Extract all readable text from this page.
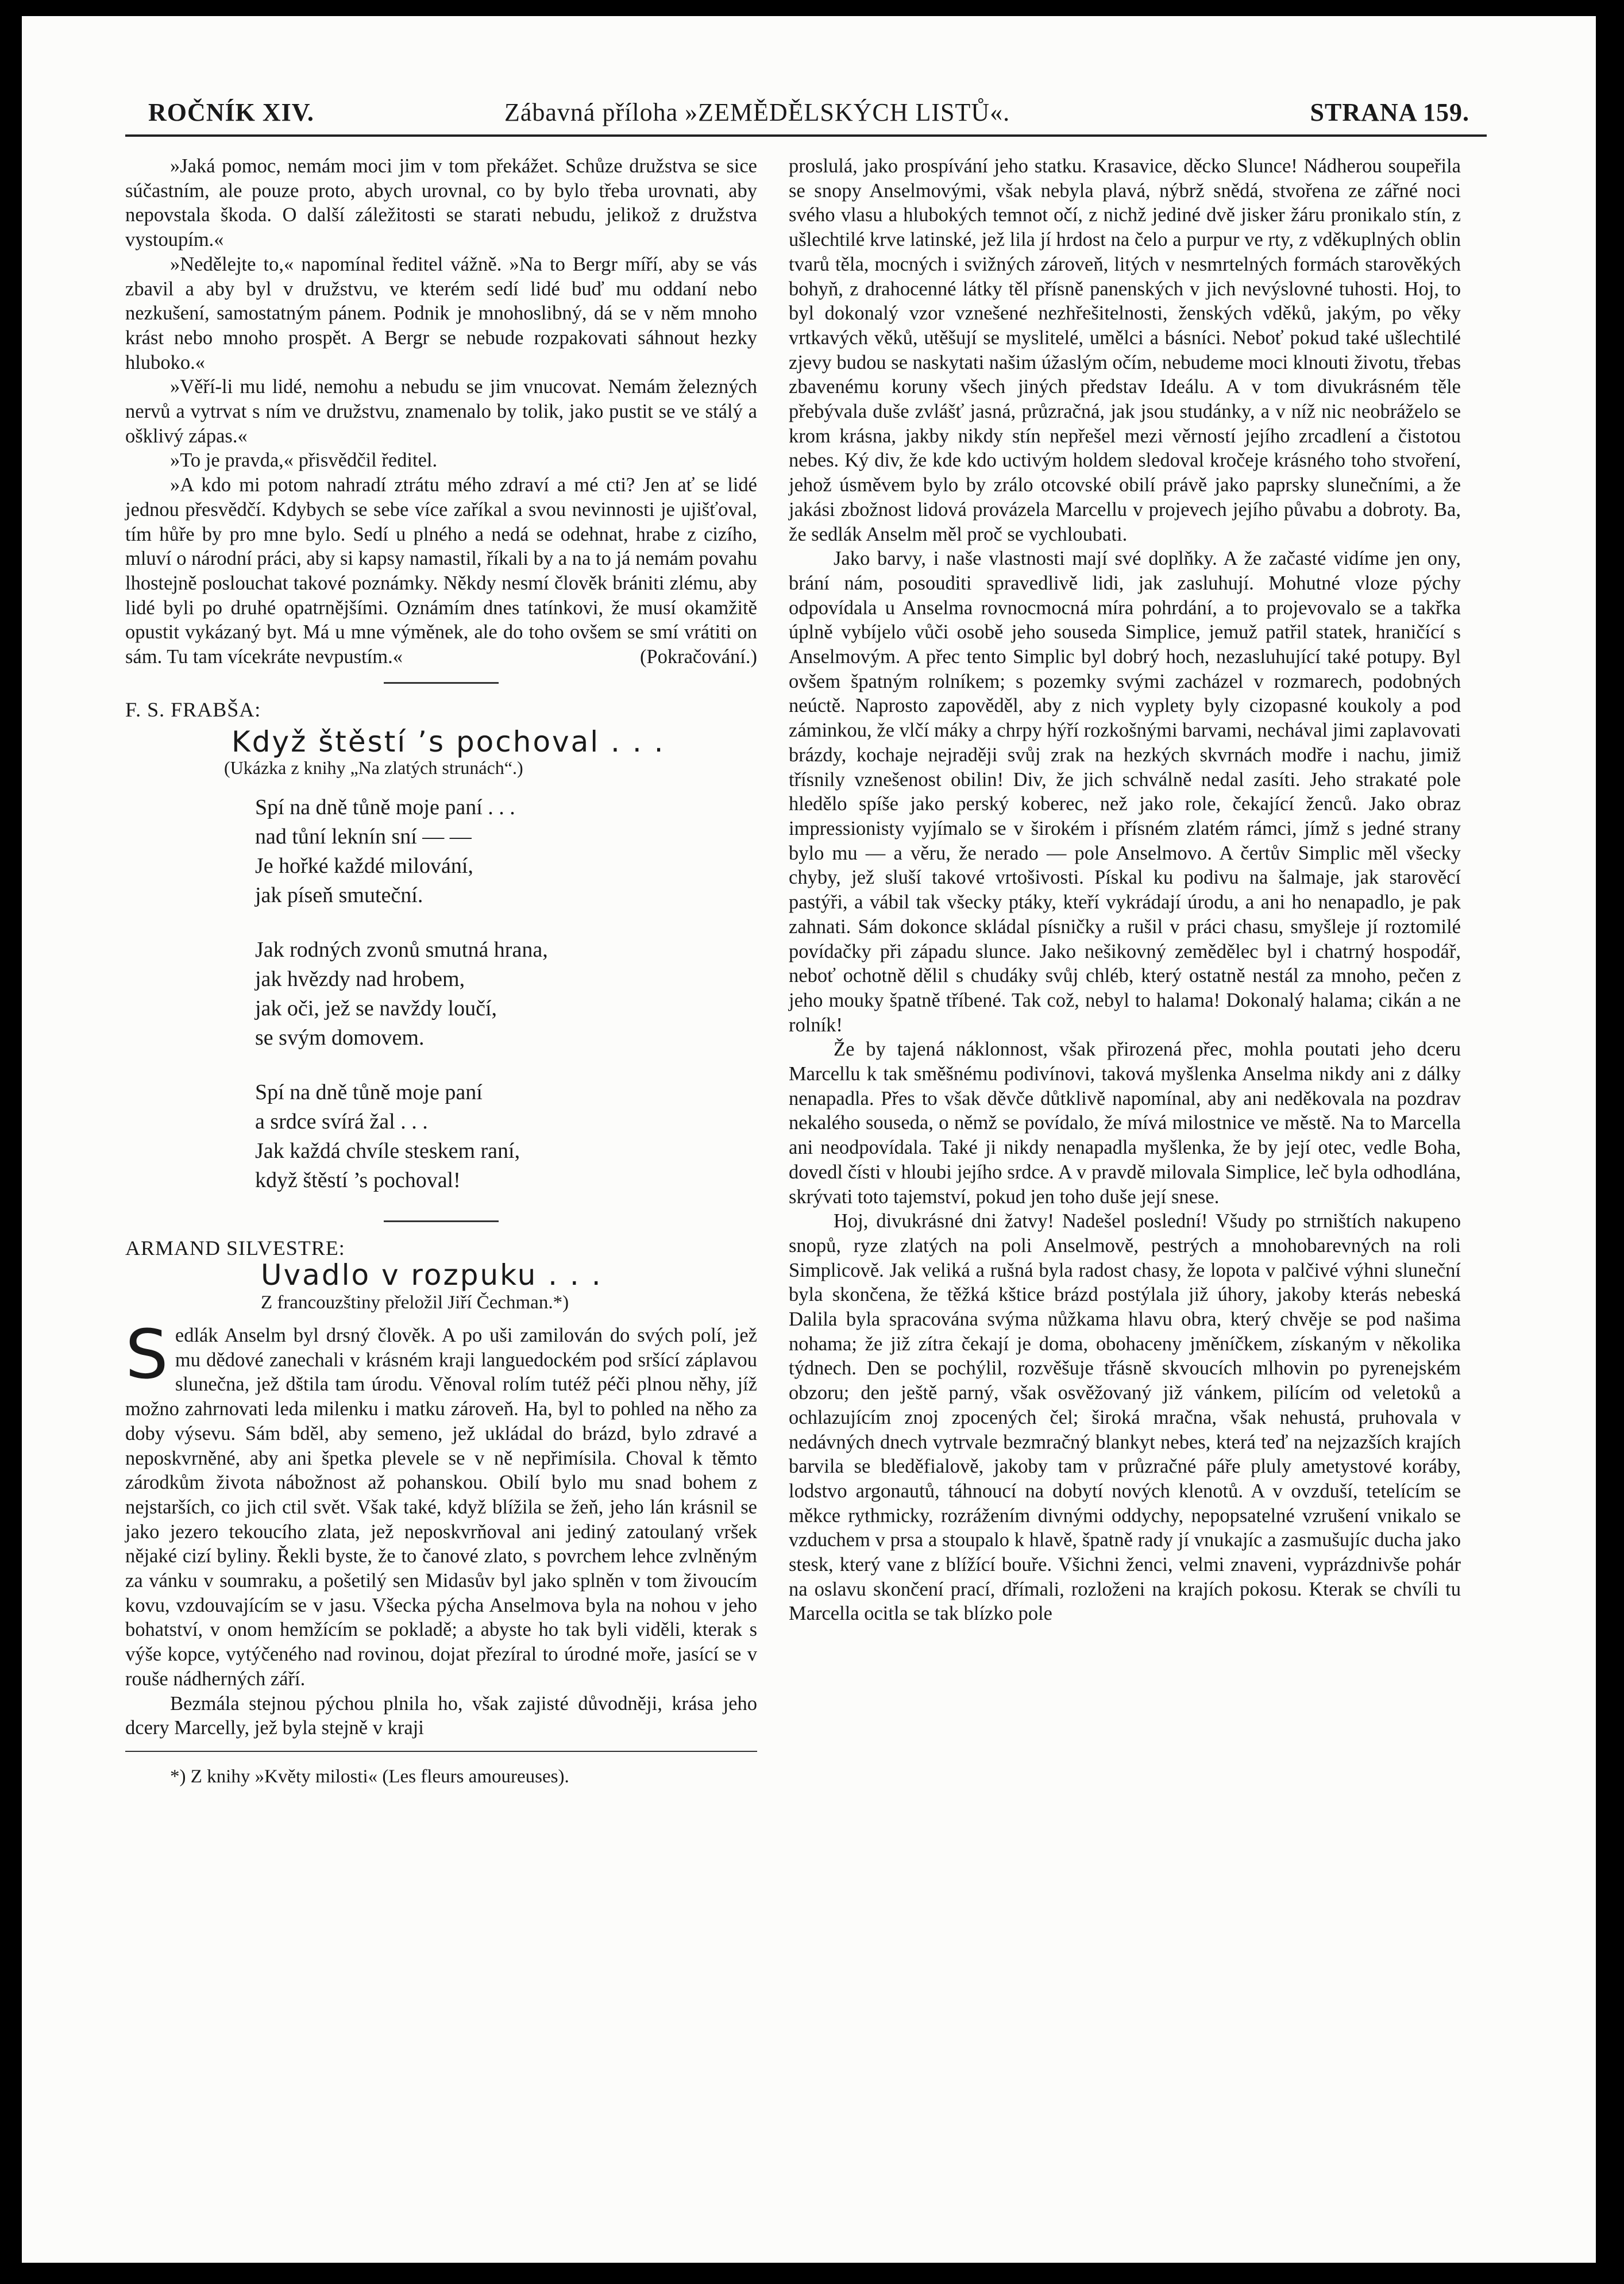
ROČNÍK XIV.	Zábavná příloha »ZEMĚDĚLSKÝCH LISTŮ«.	STRANA 159.

»Jaká pomoc, nemám moci jim v tom překážet. Schůze družstva se sice súčastním, ale pouze proto, abych urovnal, co by bylo třeba urovnati, aby nepovstala škoda. O další záležitosti se starati nebudu, jelikož z družstva vystoupím.«

»Nedělejte to,« napomínal ředitel vážně. »Na to Bergr míří, aby se vás zbavil a aby byl v družstvu, ve kterém sedí lidé buď mu oddaní nebo nezkušení, samostatným pánem. Podnik je mnohoslibný, dá se v něm mnoho krást nebo mnoho prospět. A Bergr se nebude rozpakovati sáhnout hezky hluboko.«

»Věří-li mu lidé, nemohu a nebudu se jim vnucovat. Nemám železných nervů a vytrvat s ním ve družstvu, znamenalo by tolik, jako pustit se ve stálý a ošklivý zápas.«

»To je pravda,« přisvědčil ředitel.

»A kdo mi potom nahradí ztrátu mého zdraví a mé cti? Jen ať se lidé jednou přesvědčí. Kdybych se sebe více zaříkal a svou nevinnosti je ujišťoval, tím hůře by pro mne bylo. Sedí u plného a nedá se odehnat, hrabe z cizího, mluví o národní práci, aby si kapsy namastil, říkali by a na to já nemám povahu lhostejně poslouchat takové poznámky. Někdy nesmí člověk brániti zlému, aby lidé byli po druhé opatrnějšími. Oznámím dnes tatínkovi, že musí okamžitě opustit vykázaný byt. Má u mne výměnek, ale do toho ovšem se smí vrátiti on sám. Tu tam vícekráte nevpustím.«	(Pokračování.)

F. S. FRABŠA:
Když štěstí ’s pochoval . . .
(Ukázka z knihy „Na zlatých strunách“.)
Spí na dně tůně moje paní . . .
nad tůní leknín sní — —
Je hořké každé milování,
jak píseň smuteční.
Jak rodných zvonů smutná hrana,
jak hvězdy nad hrobem,
jak oči, jež se navždy loučí,
se svým domovem.
Spí na dně tůně moje paní
a srdce svírá žal . . .
Jak každá chvíle steskem raní,
když štěstí ’s pochoval!
ARMAND SILVESTRE:
Uvadlo v rozpuku . . .
Z francouzštiny přeložil Jiří Čechman.*)

Sedlák Anselm byl drsný člověk. A po uši zamilován do svých polí, jež mu dědové zanechali v krásném kraji languedockém pod sršící záplavou slunečna, jež dštila tam úrodu. Věnoval rolím tutéž péči plnou něhy, jíž možno zahrnovati leda milenku i matku zároveň. Ha, byl to pohled na něho za doby výsevu. Sám bděl, aby semeno, jež ukládal do brázd, bylo zdravé a neposkvrněné, aby ani špetka plevele se v ně nepřimísila. Choval k těmto zárodkům života nábožnost až pohanskou. Obilí bylo mu snad bohem z nejstarších, co jich ctil svět. Však také, když blížila se žeň, jeho lán krásnil se jako jezero tekoucího zlata, jež neposkvrňoval ani jediný zatoulaný vršek nějaké cizí byliny. Řekli byste, že to čanové zlato, s povrchem lehce zvlněným za vánku v soumraku, a pošetilý sen Midasův byl jako splněn v tom živoucím kovu, vzdouvajícím se v jasu. Všecka pýcha Anselmova byla na nohou v jeho bohatství, v onom hemžícím se pokladě; a abyste ho tak byli viděli, kterak s výše kopce, vytýčeného nad rovinou, dojat přezíral to úrodné moře, jasící se v rouše nádherných září.

Bezmála stejnou pýchou plnila ho, však zajisté důvodněji, krása jeho dcery Marcelly, jež byla stejně v kraji

*) Z knihy »Květy milosti« (Les fleurs amoureuses).

proslulá, jako prospívání jeho statku. Krasavice, děcko Slunce! Nádherou soupeřila se snopy Anselmovými, však nebyla plavá, nýbrž snědá, stvořena ze zářné noci svého vlasu a hlubokých temnot očí, z nichž jediné dvě jisker žáru pronikalo stín, z ušlechtilé krve latinské, jež lila jí hrdost na čelo a purpur ve rty, z vděkuplných oblin tvarů těla, mocných i svižných zároveň, litých v nesmrtelných formách starověkých bohyň, z drahocenné látky těl přísně panenských v jich nevýslovné tuhosti. Hoj, to byl dokonalý vzor vznešené nezhřešitelnosti, ženských vděků, jakým, po věky vrtkavých věků, utěšují se myslitelé, umělci a básníci. Neboť pokud také ušlechtilé zjevy budou se naskytati našim úžaslým očím, nebudeme moci klnouti životu, třebas zbavenému koruny všech jiných představ Ideálu. A v tom divukrásném těle přebývala duše zvlášť jasná, průzračná, jak jsou studánky, a v níž nic neobráželo se krom krásna, jakby nikdy stín nepřešel mezi věrností jejího zrcadlení a čistotou nebes. Ký div, že kde kdo uctivým holdem sledoval kročeje krásného toho stvoření, jehož úsměvem bylo by zrálo otcovské obilí právě jako paprsky slunečními, a že jakási zbožnost lidová provázela Marcellu v projevech jejího půvabu a dobroty. Ba, že sedlák Anselm měl proč se vychloubati.

Jako barvy, i naše vlastnosti mají své doplňky. A že začasté vidíme jen ony, brání nám, posouditi spravedlivě lidi, jak zasluhují. Mohutné vloze pýchy odpovídala u Anselma rovnocmocná míra pohrdání, a to projevovalo se a takřka úplně vybíjelo vůči osobě jeho souseda Simplice, jemuž patřil statek, hraničící s Anselmovým. A přec tento Simplic byl dobrý hoch, nezasluhující také potupy. Byl ovšem špatným rolníkem; s pozemky svými zacházel v rozmarech, podobných neúctě. Naprosto zapověděl, aby z nich vyplety byly cizopasné koukoly a pod záminkou, že vlčí máky a chrpy hýří rozkošnými barvami, nechával jimi zaplavovati brázdy, kochaje nejraději svůj zrak na hezkých skvrnách modře i nachu, jimiž třísnily vznešenost obilin! Div, že jich schválně nedal zasíti. Jeho strakaté pole hledělo spíše jako perský koberec, než jako role, čekající ženců. Jako obraz impressionisty vyjímalo se v širokém i přísném zlatém rámci, jímž s jedné strany bylo mu — a věru, že nerado — pole Anselmovo. A čertův Simplic měl všecky chyby, jež sluší takové vrtošivosti. Pískal ku podivu na šalmaje, jak starověcí pastýři, a vábil tak všecky ptáky, kteří vykrádají úrodu, a ani ho nenapadlo, je pak zahnati. Sám dokonce skládal písničky a rušil v práci chasu, smyšleje jí roztomilé povídačky při západu slunce. Jako nešikovný zemědělec byl i chatrný hospodář, neboť ochotně dělil s chudáky svůj chléb, který ostatně nestál za mnoho, pečen z jeho mouky špatně tříbené. Tak což, nebyl to halama! Dokonalý halama; cikán a ne rolník!

Že by tajená náklonnost, však přirozená přec, mohla poutati jeho dceru Marcellu k tak směšnému podivínovi, taková myšlenka Anselma nikdy ani z dálky nenapadla. Přes to však děvče důtklivě napomínal, aby ani neděkovala na pozdrav nekalého souseda, o němž se povídalo, že mívá milostnice ve městě. Na to Marcella ani neodpovídala. Také ji nikdy nenapadla myšlenka, že by její otec, vedle Boha, dovedl čísti v hloubi jejího srdce. A v pravdě milovala Simplice, leč byla odhodlána, skrývati toto tajemství, pokud jen toho duše její snese.

Hoj, divukrásné dni žatvy! Nadešel poslední! Všudy po strništích nakupeno snopů, ryze zlatých na poli Anselmově, pestrých a mnohobarevných na roli Simplicově. Jak veliká a rušná byla radost chasy, že lopota v palčivé výhni sluneční byla skončena, že těžká kštice brázd postýlala již úhory, jakoby kterás nebeská Dalila byla spracována svýma nůžkama hlavu obra, který chvěje se pod našima nohama; že již zítra čekají je doma, obohaceny jměníčkem, získaným v několika týdnech. Den se pochýlil, rozvěšuje třásně skvoucích mlhovin po pyrenejském obzoru; den ještě parný, však osvěžovaný již vánkem, pilícím od veletoků a ochlazujícím znoj zpocených čel; široká mračna, však nehustá, pruhovala v nedávných dnech vytrvale bezmračný blankyt nebes, která teď na nejzazších krajích barvila se bleděfialově, jakoby tam v průzračné páře pluly ametystové koráby, lodstvo argonautů, táhnoucí na dobytí nových klenotů. A v ovzduší, tetelícím se měkce rythmicky, rozrážením divnými oddychy, nepopsatelné vzrušení vnikalo se vzduchem v prsa a stoupalo k hlavě, špatně rady jí vnukajíc a zasmušujíc ducha jako stesk, který vane z blížící bouře. Všichni ženci, velmi znaveni, vyprázdnivše pohár na oslavu skončení prací, dřímali, rozloženi na krajích pokosu. Kterak se chvíli tu Marcella ocitla se tak blízko pole
